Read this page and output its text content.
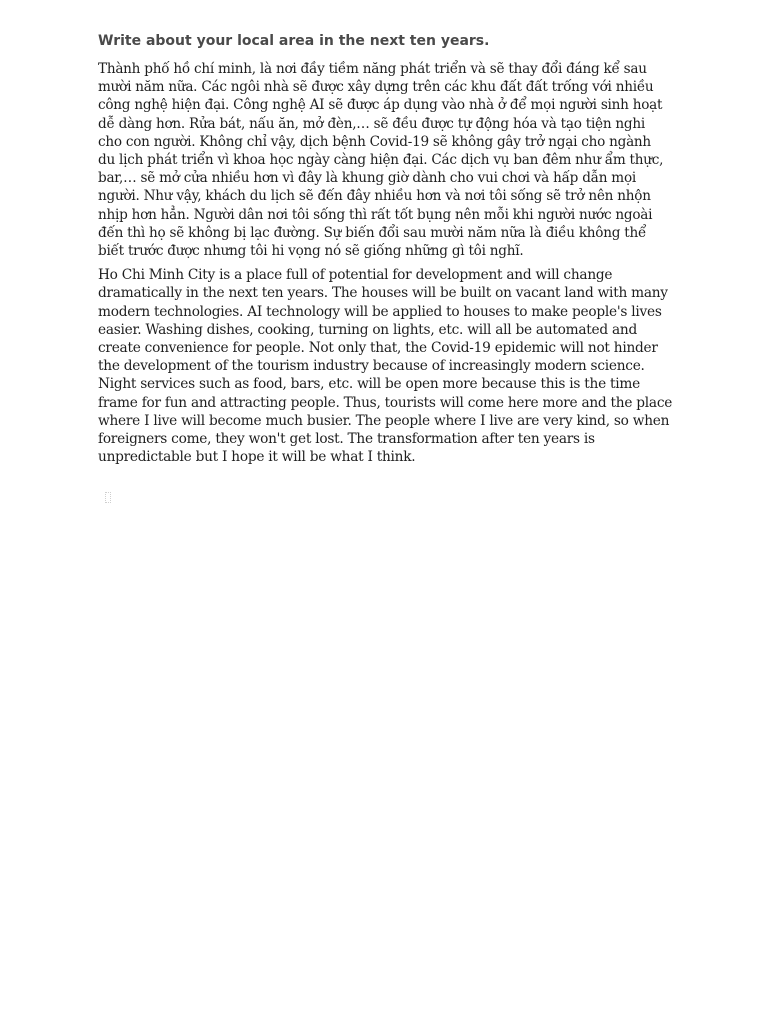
Write about your local area in the next ten years.
Thành phố hồ chí minh, là nơi đầy tiềm năng phát triển và sẽ thay đổi đáng kể sau
mười năm nữa. Các ngôi nhà sẽ được xây dựng trên các khu đất đất trống với nhiều
công nghệ hiện đại. Công nghệ AI sẽ được áp dụng vào nhà ở để mọi người sinh hoạt
dễ dàng hơn. Rửa bát, nấu ăn, mở đèn,… sẽ đều được tự động hóa và tạo tiện nghi
cho con người. Không chỉ vậy, dịch bệnh Covid-19 sẽ không gây trở ngại cho ngành
du lịch phát triển vì khoa học ngày càng hiện đại. Các dịch vụ ban đêm như ẩm thực,
bar,… sẽ mở cửa nhiều hơn vì đây là khung giờ dành cho vui chơi và hấp dẫn mọi
người. Như vậy, khách du lịch sẽ đến đây nhiều hơn và nơi tôi sống sẽ trở nên nhộn
nhịp hơn hẳn. Người dân nơi tôi sống thì rất tốt bụng nên mỗi khi người nước ngoài
đến thì họ sẽ không bị lạc đường. Sự biến đổi sau mười năm nữa là điều không thể
biết trước được nhưng tôi hi vọng nó sẽ giống những gì tôi nghĩ.
Ho Chi Minh City is a place full of potential for development and will change
dramatically in the next ten years. The houses will be built on vacant land with many
modern technologies. AI technology will be applied to houses to make people's lives
easier. Washing dishes, cooking, turning on lights, etc. will all be automated and
create convenience for people. Not only that, the Covid-19 epidemic will not hinder
the development of the tourism industry because of increasingly modern science.
Night services such as food, bars, etc. will be open more because this is the time
frame for fun and attracting people. Thus, tourists will come here more and the place
where I live will become much busier. The people where I live are very kind, so when
foreigners come, they won't get lost. The transformation after ten years is
unpredictable but I hope it will be what I think.
